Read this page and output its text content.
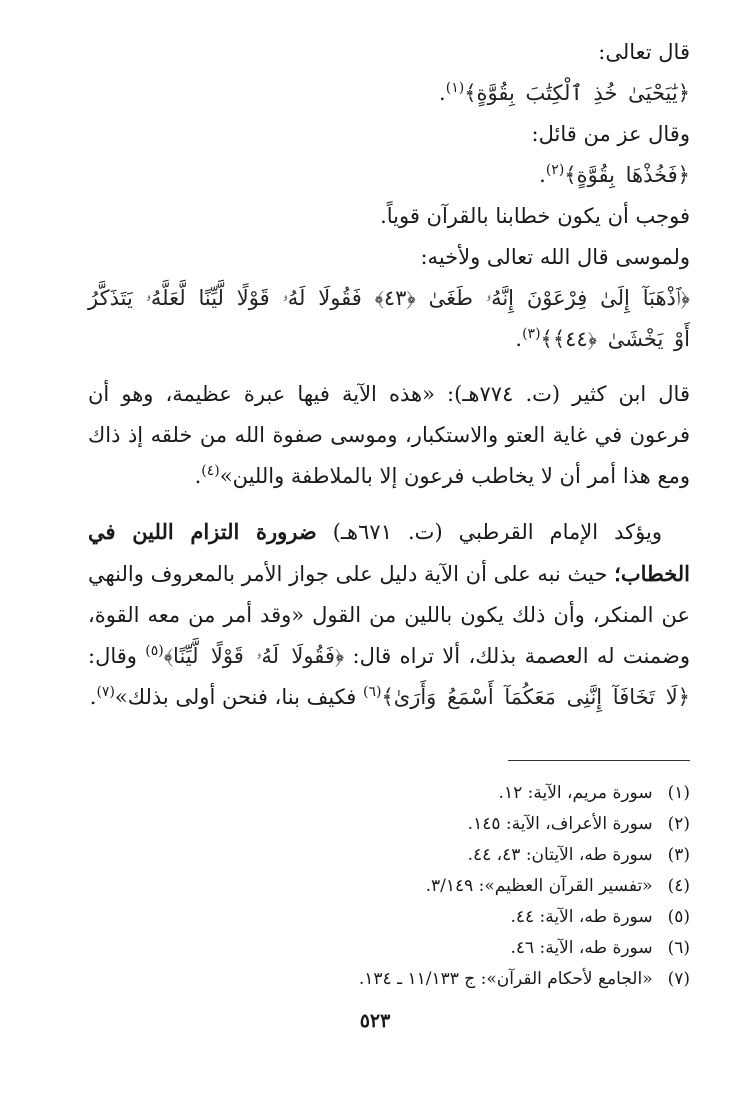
قال تعالى:

﴿يَٰيَحْيَىٰ خُذِ ٱلْكِتَٰبَ بِقُوَّةٍ﴾$^{(١)}$.

وقال عز من قائل:

﴿فَخُذْهَا بِقُوَّةٍ﴾$^{(٢)}$.

فوجب أن يكون خطابنا بالقرآن قوياً.

ولموسى قال الله تعالى ولأخيه:

﴿ٱذْهَبَآ إِلَىٰ فِرْعَوْنَ إِنَّهُۥ طَغَىٰ ﴿٤٣﴾ فَقُولَا لَهُۥ قَوْلًا لَّيِّنًا لَّعَلَّهُۥ يَتَذَكَّرُ أَوْ يَخْشَىٰ ﴿٤٤﴾﴾$^{(٣)}$.

قال ابن كثير (ت. ٧٧٤هـ): «هذه الآية فيها عبرة عظيمة، وهو أن فرعون في غاية العتو والاستكبار، وموسى صفوة الله من خلقه إذ ذاك ومع هذا أمر أن لا يخاطب فرعون إلا بالملاطفة واللين»$^{(٤)}$.

ويؤكد الإمام القرطبي (ت. ٦٧١هـ) ضرورة التزام اللين في الخطاب؛ حيث نبه على أن الآية دليل على جواز الأمر بالمعروف والنهي عن المنكر، وأن ذلك يكون باللين من القول «وقد أمر من معه القوة، وضمنت له العصمة بذلك، ألا تراه قال: ﴿فَقُولَا لَهُۥ قَوْلًا لَّيِّنًا﴾$^{(٥)}$ وقال: ﴿لَا تَخَافَآ إِنَّنِى مَعَكُمَآ أَسْمَعُ وَأَرَىٰ﴾$^{(٦)}$ فكيف بنا، فنحن أولى بذلك»$^{(٧)}$.

(١) سورة مريم، الآية: ١٢.
(٢) سورة الأعراف، الآية: ١٤٥.
(٣) سورة طه، الآيتان: ٤٣، ٤٤.
(٤) «تفسير القرآن العظيم»: ٣/١٤٩.
(٥) سورة طه، الآية: ٤٤.
(٦) سورة طه، الآية: ٤٦.
(٧) «الجامع لأحكام القرآن»: ج ١١/١٣٣ ـ ١٣٤.
٥٢٣
